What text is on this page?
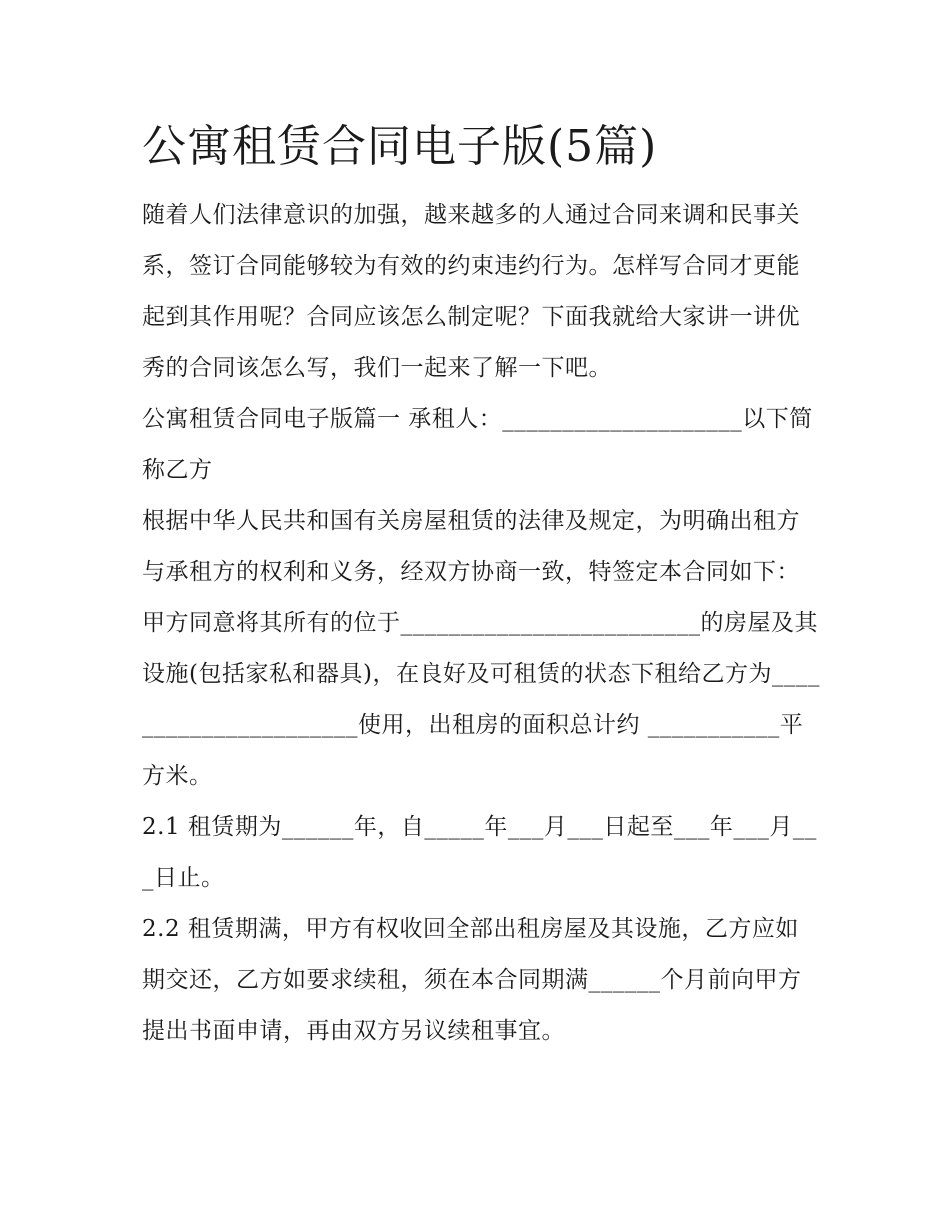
公寓租赁合同电子版(5篇)

随着人们法律意识的加强，越来越多的人通过合同来调和民事关系，签订合同能够较为有效的约束违约行为。怎样写合同才更能起到其作用呢？合同应该怎么制定呢？下面我就给大家讲一讲优秀的合同该怎么写，我们一起来了解一下吧。

公寓租赁合同电子版篇一 承租人：____________________以下简称乙方

根据中华人民共和国有关房屋租赁的法律及规定，为明确出租方与承租方的权利和义务，经双方协商一致，特签定本合同如下：

甲方同意将其所有的位于_________________________的房屋及其设施(包括家私和器具)，在良好及可租赁的状态下租给乙方为______________________使用，出租房的面积总计约 ___________平方米。

2.1 租赁期为______年，自_____年___月___日起至___年___月___日止。

2.2 租赁期满，甲方有权收回全部出租房屋及其设施，乙方应如期交还，乙方如要求续租，须在本合同期满______个月前向甲方提出书面申请，再由双方另议续租事宜。
